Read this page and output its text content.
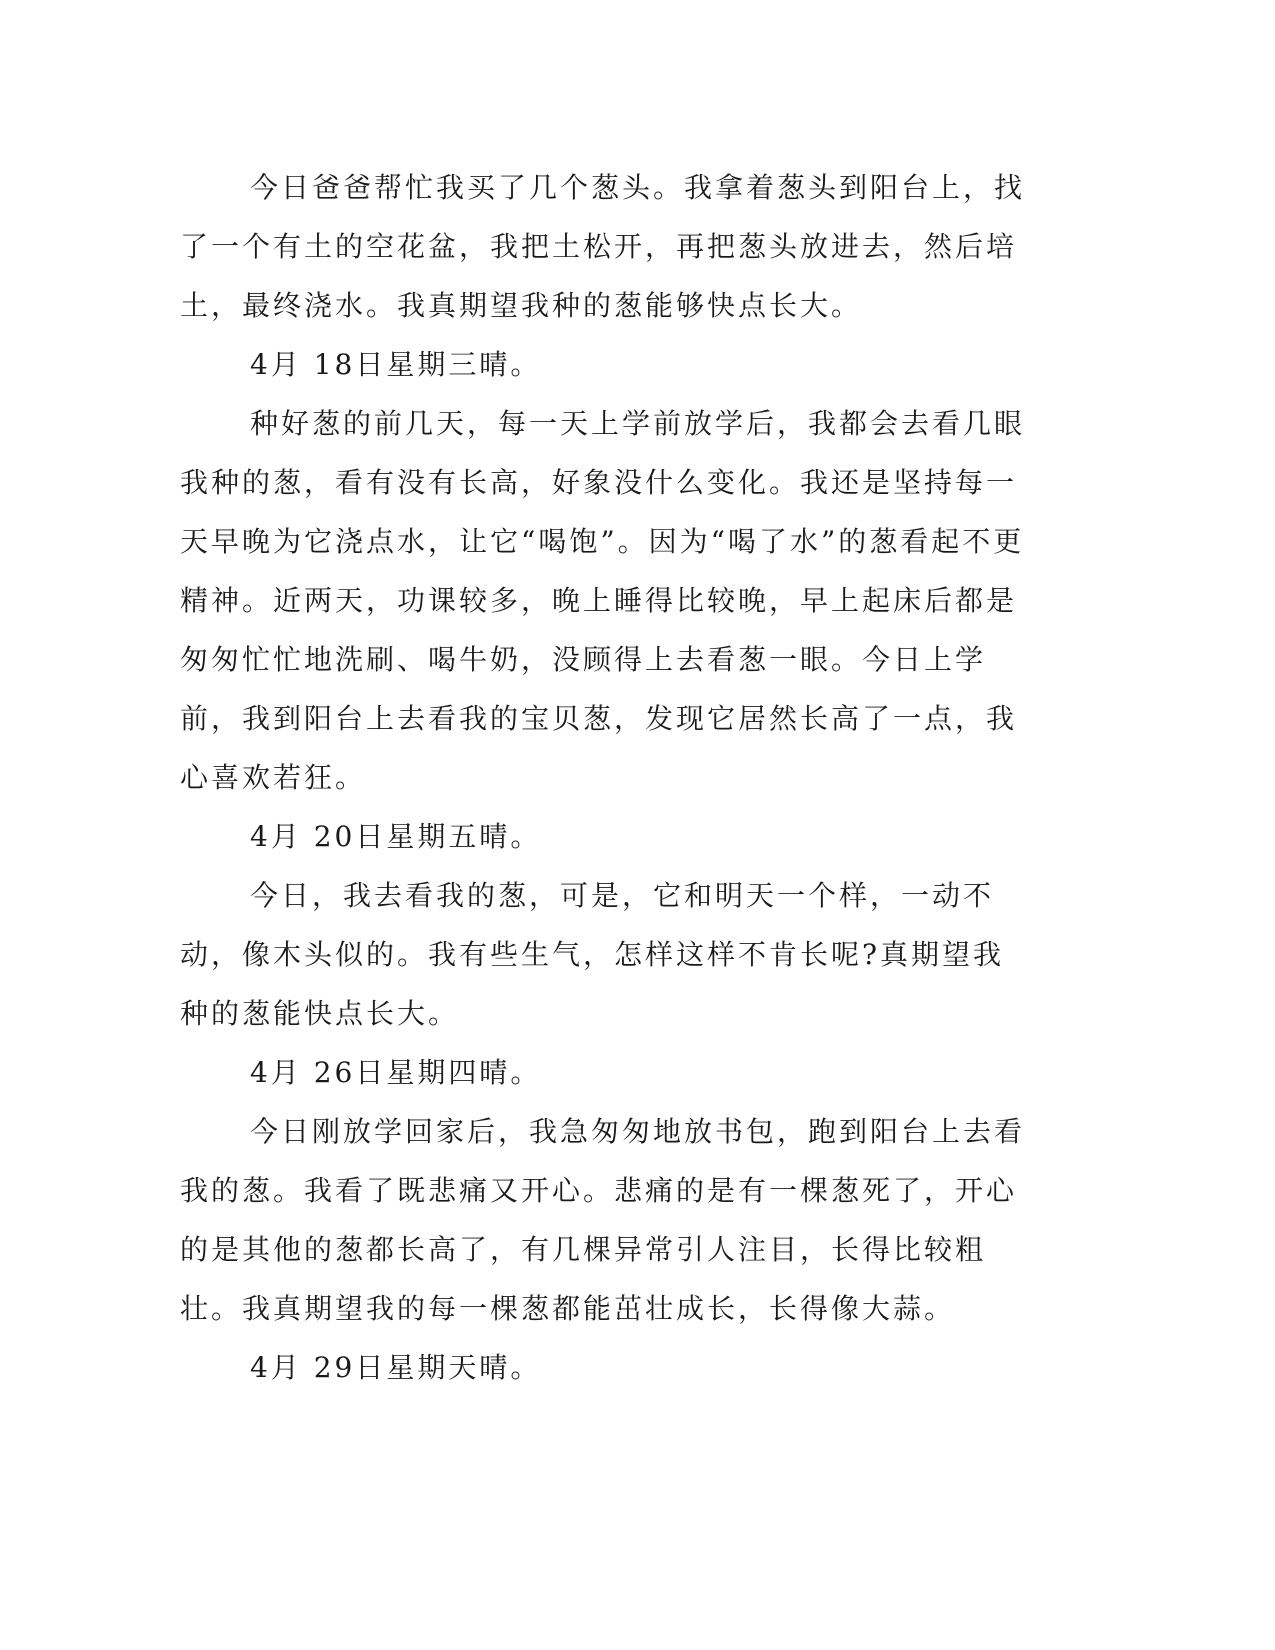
今日爸爸帮忙我买了几个葱头。我拿着葱头到阳台上，找了一个有土的空花盆，我把土松开，再把葱头放进去，然后培土，最终浇水。我真期望我种的葱能够快点长大。

4月 18日星期三晴。

种好葱的前几天，每一天上学前放学后，我都会去看几眼我种的葱，看有没有长高，好象没什么变化。我还是坚持每一天早晚为它浇点水，让它“喝饱”。因为“喝了水”的葱看起不更精神。近两天，功课较多，晚上睡得比较晚，早上起床后都是匆匆忙忙地洗刷、喝牛奶，没顾得上去看葱一眼。今日上学前，我到阳台上去看我的宝贝葱，发现它居然长高了一点，我心喜欢若狂。

4月 20日星期五晴。

今日，我去看我的葱，可是，它和明天一个样，一动不动，像木头似的。我有些生气，怎样这样不肯长呢?真期望我种的葱能快点长大。

4月 26日星期四晴。

今日刚放学回家后，我急匆匆地放书包，跑到阳台上去看我的葱。我看了既悲痛又开心。悲痛的是有一棵葱死了，开心的是其他的葱都长高了，有几棵异常引人注目，长得比较粗壮。我真期望我的每一棵葱都能茁壮成长，长得像大蒜。

4月 29日星期天晴。
